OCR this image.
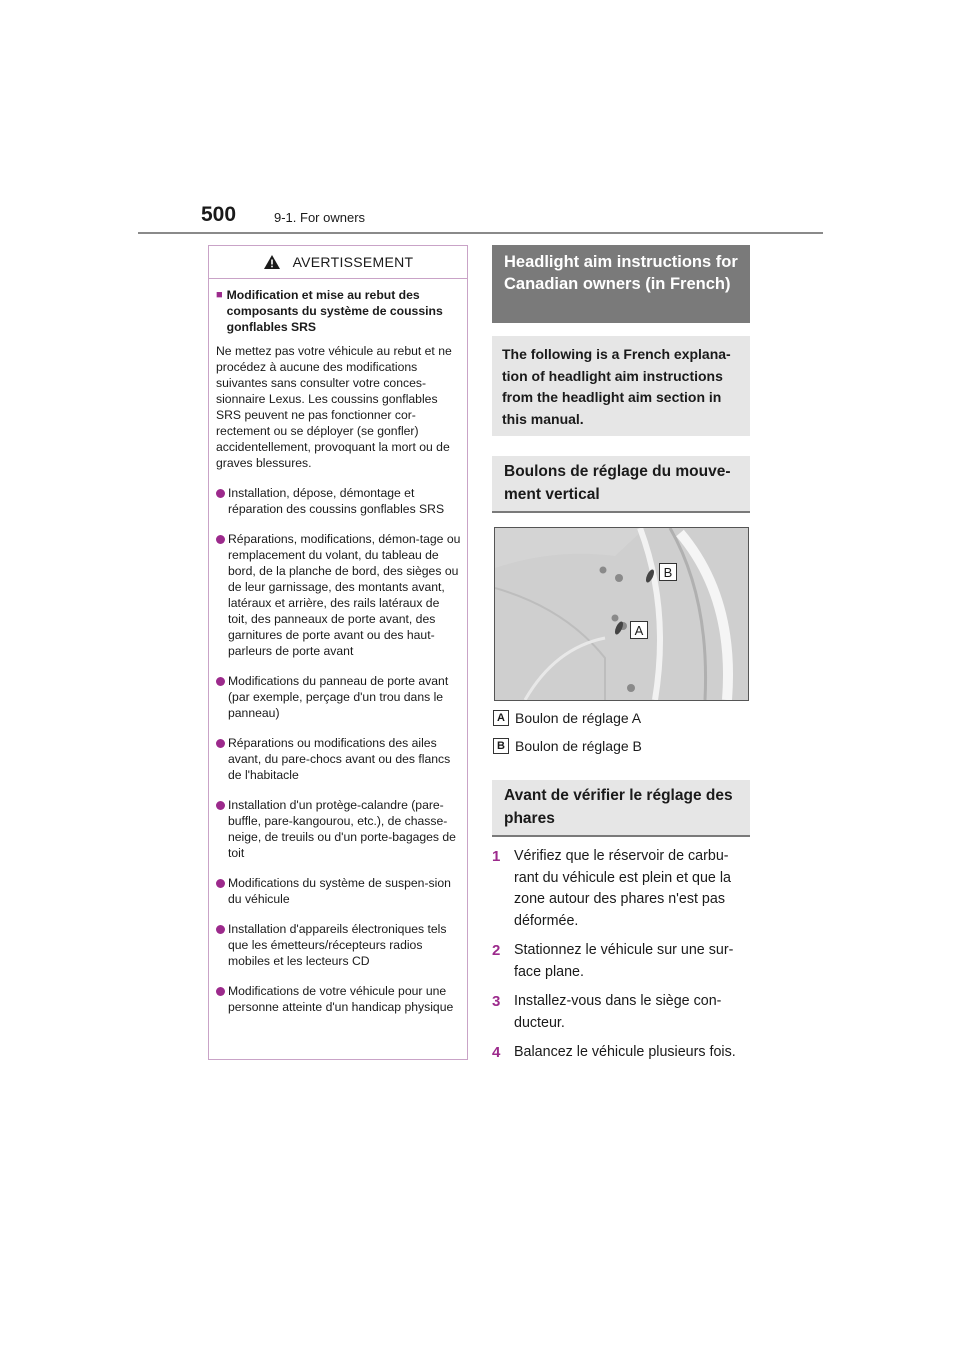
500	9-1. For owners
AVERTISSEMENT
■ Modification et mise au rebut des composants du système de coussins gonflables SRS
Ne mettez pas votre véhicule au rebut et ne procédez à aucune des modifications suivantes sans consulter votre conces-sionnaire Lexus. Les coussins gonflables SRS peuvent ne pas fonctionner cor-rectement ou se déployer (se gonfler) accidentellement, provoquant la mort ou de graves blessures.
Installation, dépose, démontage et réparation des coussins gonflables SRS
Réparations, modifications, démon-tage ou remplacement du volant, du tableau de bord, de la planche de bord, des sièges ou de leur garnissage, des montants avant, latéraux et arrière, des rails latéraux de toit, des panneaux de porte avant, des garnitures de porte avant ou des haut-parleurs de porte avant
Modifications du panneau de porte avant (par exemple, perçage d'un trou dans le panneau)
Réparations ou modifications des ailes avant, du pare-chocs avant ou des flancs de l'habitacle
Installation d'un protège-calandre (pare-buffle, pare-kangourou, etc.), de chasse-neige, de treuils ou d'un porte-bagages de toit
Modifications du système de suspen-sion du véhicule
Installation d'appareils électroniques tels que les émetteurs/récepteurs radios mobiles et les lecteurs CD
Modifications de votre véhicule pour une personne atteinte d'un handicap physique
Headlight aim instructions for Canadian owners (in French)
The following is a French explana-tion of headlight aim instructions from the headlight aim section in this manual.
Boulons de réglage du mouve-ment vertical
B
A
A Boulon de réglage A
B Boulon de réglage B
Avant de vérifier le réglage des phares
1 Vérifiez que le réservoir de carbu-rant du véhicule est plein et que la zone autour des phares n'est pas déformée.
2 Stationnez le véhicule sur une sur-face plane.
3 Installez-vous dans le siège con-ducteur.
4 Balancez le véhicule plusieurs fois.
